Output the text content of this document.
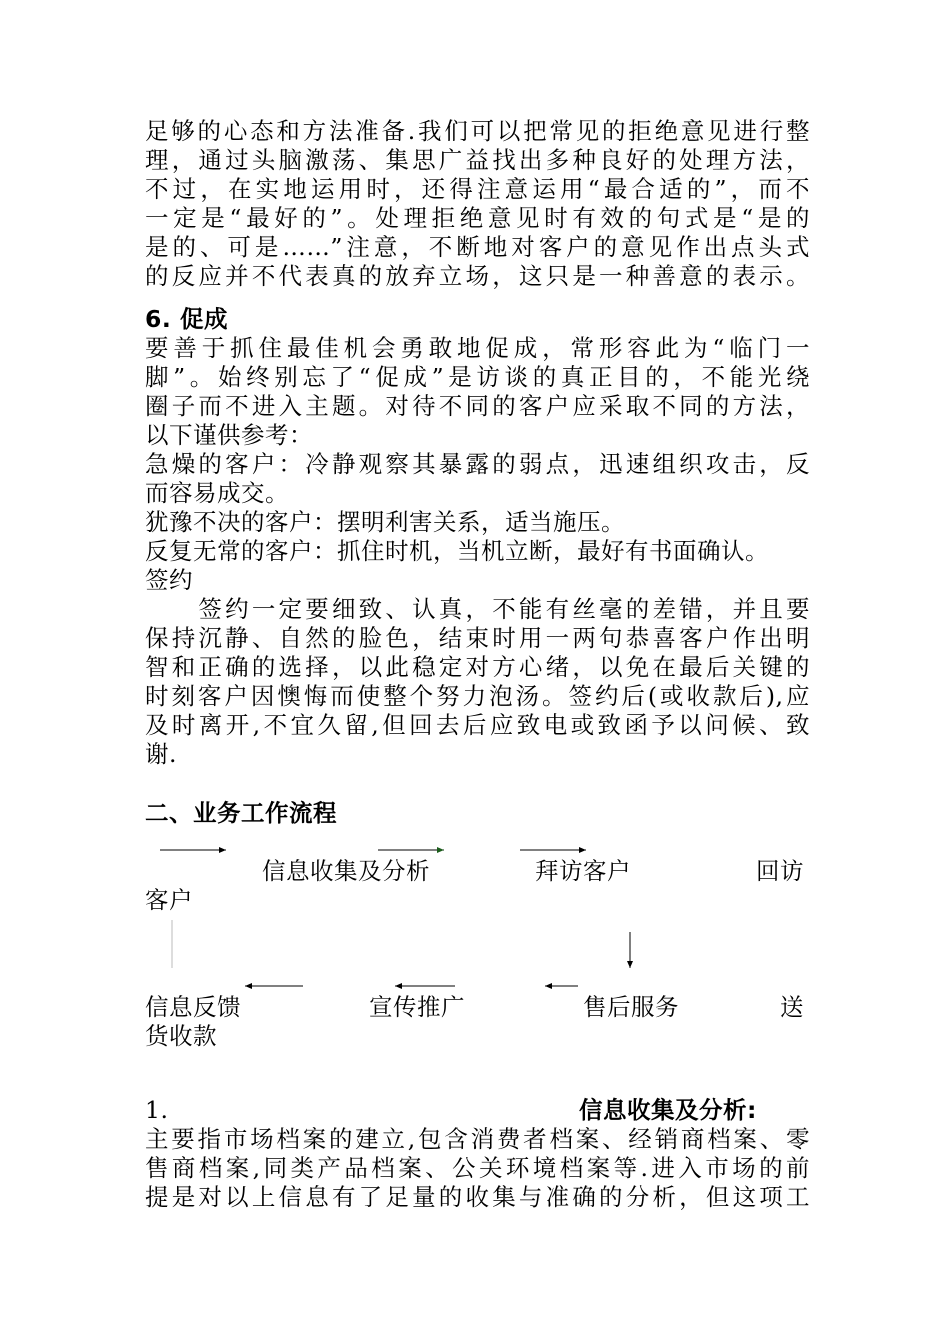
足够的心态和方法准备.我们可以把常见的拒绝意见进行整
理，通过头脑激荡、集思广益找出多种良好的处理方法，
不过，在实地运用时，还得注意运用“最合适的”，而不
一定是“最好的”。处理拒绝意见时有效的句式是“是的
是的、可是……”注意，不断地对客户的意见作出点头式
的反应并不代表真的放弃立场，这只是一种善意的表示。
6. 促成
要善于抓住最佳机会勇敢地促成，常形容此为“临门一
脚”。始终别忘了“促成”是访谈的真正目的，不能光绕
圈子而不进入主题。对待不同的客户应采取不同的方法，
以下谨供参考：
急燥的客户：冷静观察其暴露的弱点，迅速组织攻击，反
而容易成交。
犹豫不决的客户：摆明利害关系，适当施压。
反复无常的客户：抓住时机，当机立断，最好有书面确认。
签约
　　签约一定要细致、认真，不能有丝毫的差错，并且要
保持沉静、自然的脸色，结束时用一两句恭喜客户作出明
智和正确的选择，以此稳定对方心绪，以免在最后关键的
时刻客户因懊悔而使整个努力泡汤。签约后(或收款后),应
及时离开,不宜久留,但回去后应致电或致函予以问候、致
谢.
二、业务工作流程
信息收集及分析	拜访客户	回访
客户
信息反馈	宣传推广	售后服务	送
货收款
1.	信息收集及分析:
主要指市场档案的建立,包含消费者档案、经销商档案、零
售商档案,同类产品档案、公关环境档案等.进入市场的前
提是对以上信息有了足量的收集与准确的分析，但这项工
